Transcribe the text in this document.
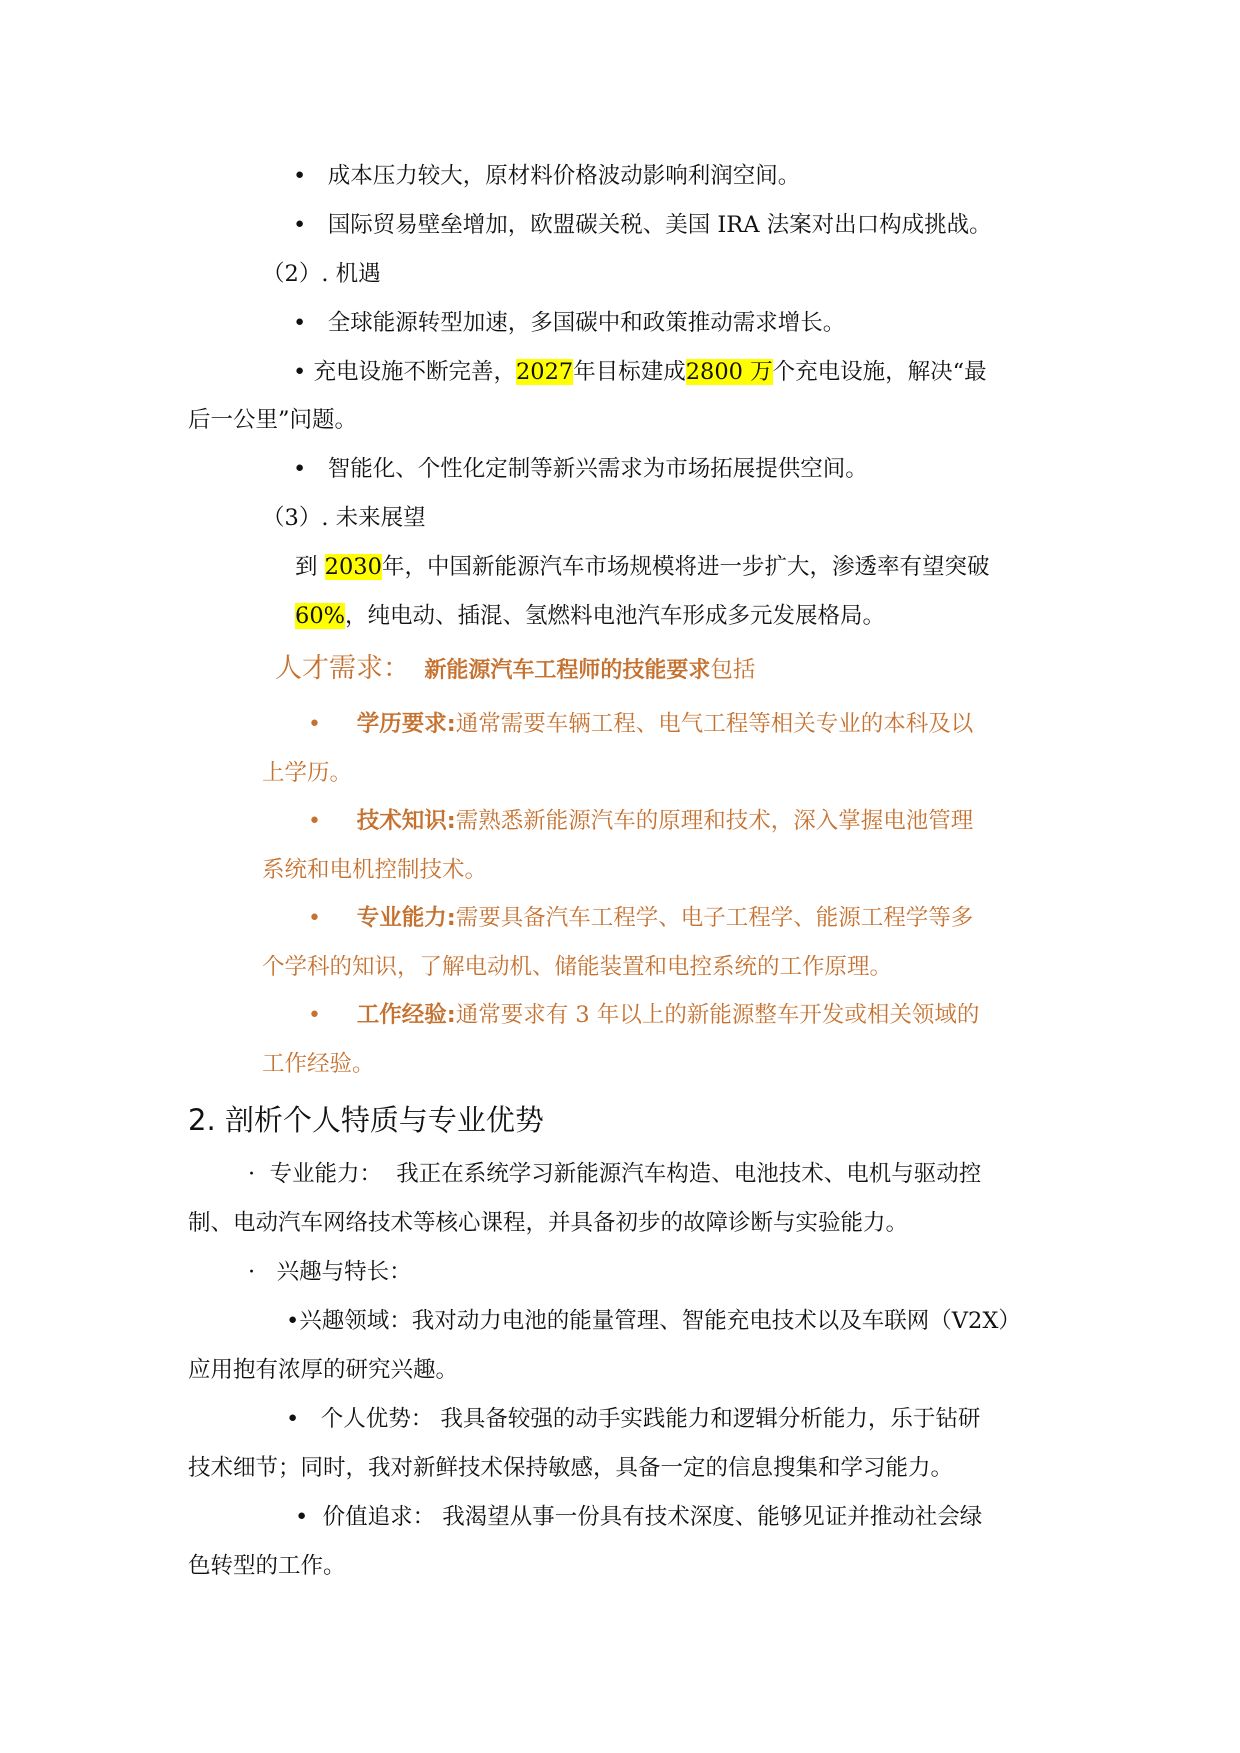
• 成本压力较大，原材料价格波动影响利润空间。
• 国际贸易壁垒增加，欧盟碳关税、美国 IRA 法案对出口构成挑战。
（2）. 机遇
• 全球能源转型加速，多国碳中和政策推动需求增长。
• 充电设施不断完善，2027年目标建成2800 万个充电设施，解决“最
后一公里”问题。
• 智能化、个性化定制等新兴需求为市场拓展提供空间。
（3）. 未来展望
到 2030年，中国新能源汽车市场规模将进一步扩大，渗透率有望突破
60%，纯电动、插混、氢燃料电池汽车形成多元发展格局。
人才需求： 新能源汽车工程师的技能要求包括
• 学历要求:通常需要车辆工程、电气工程等相关专业的本科及以
上学历。
• 技术知识:需熟悉新能源汽车的原理和技术，深入掌握电池管理
系统和电机控制技术。
• 专业能力:需要具备汽车工程学、电子工程学、能源工程学等多
个学科的知识，了解电动机、储能装置和电控系统的工作原理。
• 工作经验:通常要求有 3 年以上的新能源整车开发或相关领域的
工作经验。
2. 剖析个人特质与专业优势
· 专业能力： 我正在系统学习新能源汽车构造、电池技术、电机与驱动控
制、电动汽车网络技术等核心课程，并具备初步的故障诊断与实验能力。
· 兴趣与特长：
•兴趣领域：我对动力电池的能量管理、智能充电技术以及车联网（V2X）
应用抱有浓厚的研究兴趣。
• 个人优势： 我具备较强的动手实践能力和逻辑分析能力，乐于钻研
技术细节；同时，我对新鲜技术保持敏感，具备一定的信息搜集和学习能力。
• 价值追求： 我渴望从事一份具有技术深度、能够见证并推动社会绿
色转型的工作。
